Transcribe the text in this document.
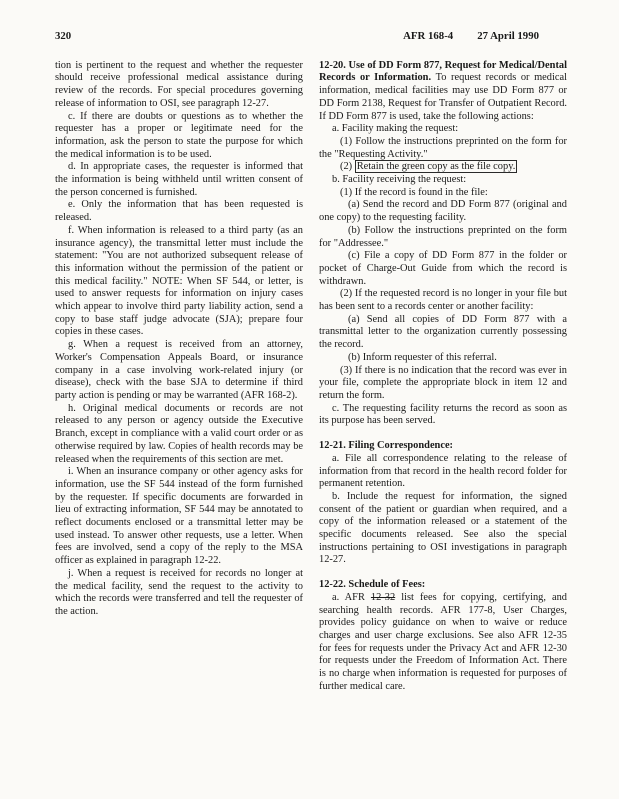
320	AFR 168-4 27 April 1990

tion is pertinent to the request and whether the requester should receive professional medical assistance during review of the records. For special procedures governing release of information to OSI, see paragraph 12-27.

c. If there are doubts or questions as to whether the requester has a proper or legitimate need for the information, ask the person to state the purpose for which the medical information is to be used.

d. In appropriate cases, the requester is informed that the information is being withheld until written consent of the person concerned is furnished.

e. Only the information that has been requested is released.

f. When information is released to a third party (as an insurance agency), the transmittal letter must include the statement: "You are not authorized subsequent release of this information without the permission of the patient or this medical facility." NOTE: When SF 544, or letter, is used to answer requests for information on injury cases which appear to involve third party liability action, send a copy to base staff judge advocate (SJA); prepare four copies in these cases.

g. When a request is received from an attorney, Worker's Compensation Appeals Board, or insurance company in a case involving work-related injury (or disease), check with the base SJA to determine if third party action is pending or may be warranted (AFR 168-2).

h. Original medical documents or records are not released to any person or agency outside the Executive Branch, except in compliance with a valid court order or as otherwise required by law. Copies of health records may be released when the requirements of this section are met.

i. When an insurance company or other agency asks for information, use the SF 544 instead of the form furnished by the requester. If specific documents are forwarded in lieu of extracting information, SF 544 may be annotated to reflect documents enclosed or a transmittal letter may be used instead. To answer other requests, use a letter. When fees are involved, send a copy of the reply to the MSA officer as explained in paragraph 12-22.

j. When a request is received for records no longer at the medical facility, send the request to the activity to which the records were transferred and tell the requester of the action.

12-20. Use of DD Form 877, Request for Medical/Dental Records or Information. To request records or medical information, medical facilities may use DD Form 877 or DD Form 2138, Request for Transfer of Outpatient Record. If DD Form 877 is used, take the following actions:

a. Facility making the request:

(1) Follow the instructions preprinted on the form for the "Requesting Activity."

(2) Retain the green copy as the file copy.

b. Facility receiving the request:

(1) If the record is found in the file:

(a) Send the record and DD Form 877 (original and one copy) to the requesting facility.

(b) Follow the instructions preprinted on the form for "Addressee."

(c) File a copy of DD Form 877 in the folder or pocket of Charge-Out Guide from which the record is withdrawn.

(2) If the requested record is no longer in your file but has been sent to a records center or another facility:

(a) Send all copies of DD Form 877 with a transmittal letter to the organization currently possessing the record.

(b) Inform requester of this referral.

(3) If there is no indication that the record was ever in your file, complete the appropriate block in item 12 and return the form.

c. The requesting facility returns the record as soon as its purpose has been served.

12-21. Filing Correspondence:

a. File all correspondence relating to the release of information from that record in the health record folder for permanent retention.

b. Include the request for information, the signed consent of the patient or guardian when required, and a copy of the information released or a statement of the specific documents released. See also the special instructions pertaining to OSI investigations in paragraph 12-27.

12-22. Schedule of Fees:

a. AFR 12-32 list fees for copying, certifying, and searching health records. AFR 177-8, User Charges, provides policy guidance on when to waive or reduce charges and user charge exclusions. See also AFR 12-35 for fees for requests under the Privacy Act and AFR 12-30 for requests under the Freedom of Information Act. There is no charge when information is requested for purposes of further medical care.
